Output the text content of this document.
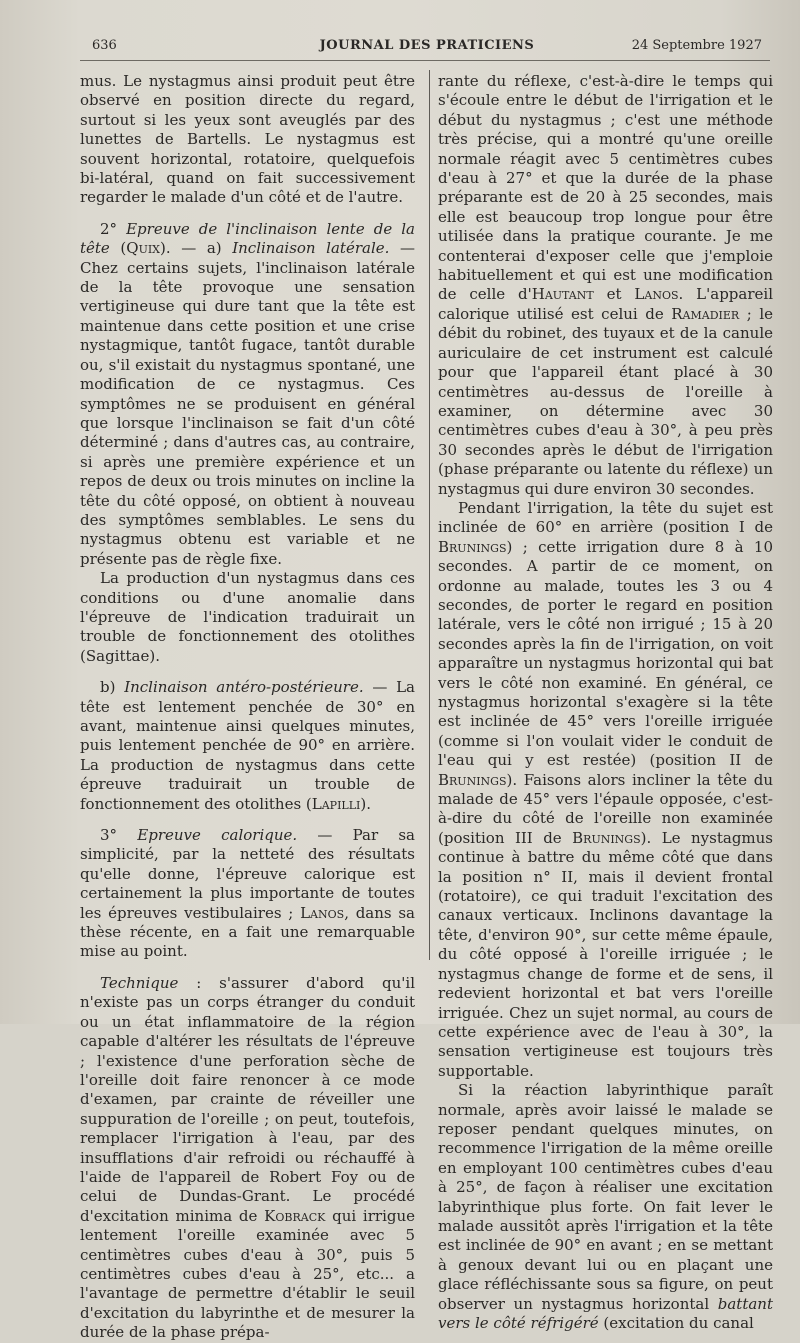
636	JOURNAL DES PRATICIENS	24 Septembre 1927

mus. Le nystagmus ainsi produit peut être observé en position directe du regard, surtout si les yeux sont aveuglés par des lunettes de Bartells. Le nystagmus est souvent horizontal, rotatoire, quelquefois bi-latéral, quand on fait successivement regarder le malade d'un côté et de l'autre.

2° Epreuve de l'inclinaison lente de la tête (Quix). — a) Inclinaison latérale. — Chez certains sujets, l'inclinaison latérale de la tête provoque une sensation vertigineuse qui dure tant que la tête est maintenue dans cette position et une crise nystagmique, tantôt fugace, tantôt durable ou, s'il existait du nystagmus spontané, une modification de ce nystagmus. Ces symptômes ne se produisent en général que lorsque l'inclinaison se fait d'un côté déterminé ; dans d'autres cas, au contraire, si après une première expérience et un repos de deux ou trois minutes on incline la tête du côté opposé, on obtient à nouveau des symptômes semblables. Le sens du nystagmus obtenu est variable et ne présente pas de règle fixe.

La production d'un nystagmus dans ces conditions ou d'une anomalie dans l'épreuve de l'indication traduirait un trouble de fonctionnement des otolithes (Sagittae).

b) Inclinaison antéro-postérieure. — La tête est lentement penchée de 30° en avant, maintenue ainsi quelques minutes, puis lentement penchée de 90° en arrière. La production de nystagmus dans cette épreuve traduirait un trouble de fonctionnement des otolithes (Lapilli).

3° Epreuve calorique. — Par sa simplicité, par la netteté des résultats qu'elle donne, l'épreuve calorique est certainement la plus importante de toutes les épreuves vestibulaires ; Lanos, dans sa thèse récente, en a fait une remarquable mise au point.

Technique : s'assurer d'abord qu'il n'existe pas un corps étranger du conduit ou un état inflammatoire de la région capable d'altérer les résultats de l'épreuve ; l'existence d'une perforation sèche de l'oreille doit faire renoncer à ce mode d'examen, par crainte de réveiller une suppuration de l'oreille ; on peut, toutefois, remplacer l'irrigation à l'eau, par des insufflations d'air refroidi ou réchauffé à l'aide de l'appareil de Robert Foy ou de celui de Dundas-Grant. Le procédé d'excitation minima de Kobrack qui irrigue lentement l'oreille examinée avec 5 centimètres cubes d'eau à 30°, puis 5 centimètres cubes d'eau à 25°, etc... a l'avantage de permettre d'établir le seuil d'excitation du labyrinthe et de mesurer la durée de la phase prépa-

rante du réflexe, c'est-à-dire le temps qui s'écoule entre le début de l'irrigation et le début du nystagmus ; c'est une méthode très précise, qui a montré qu'une oreille normale réagit avec 5 centimètres cubes d'eau à 27° et que la durée de la phase préparante est de 20 à 25 secondes, mais elle est beaucoup trop longue pour être utilisée dans la pratique courante. Je me contenterai d'exposer celle que j'emploie habituellement et qui est une modification de celle d'Hautant et Lanos. L'appareil calorique utilisé est celui de Ramadier ; le débit du robinet, des tuyaux et de la canule auriculaire de cet instrument est calculé pour que l'appareil étant placé à 30 centimètres au-dessus de l'oreille à examiner, on détermine avec 30 centimètres cubes d'eau à 30°, à peu près 30 secondes après le début de l'irrigation (phase préparante ou latente du réflexe) un nystagmus qui dure environ 30 secondes.

Pendant l'irrigation, la tête du sujet est inclinée de 60° en arrière (position I de Brunings) ; cette irrigation dure 8 à 10 secondes. A partir de ce moment, on ordonne au malade, toutes les 3 ou 4 secondes, de porter le regard en position latérale, vers le côté non irrigué ; 15 à 20 secondes après la fin de l'irrigation, on voit apparaître un nystagmus horizontal qui bat vers le côté non examiné. En général, ce nystagmus horizontal s'exagère si la tête est inclinée de 45° vers l'oreille irriguée (comme si l'on voulait vider le conduit de l'eau qui y est restée) (position II de Brunings). Faisons alors incliner la tête du malade de 45° vers l'épaule opposée, c'est-à-dire du côté de l'oreille non examinée (position III de Brunings). Le nystagmus continue à battre du même côté que dans la position n° II, mais il devient frontal (rotatoire), ce qui traduit l'excitation des canaux verticaux. Inclinons davantage la tête, d'environ 90°, sur cette même épaule, du côté opposé à l'oreille irriguée ; le nystagmus change de forme et de sens, il redevient horizontal et bat vers l'oreille irriguée. Chez un sujet normal, au cours de cette expérience avec de l'eau à 30°, la sensation vertigineuse est toujours très supportable.

Si la réaction labyrinthique paraît normale, après avoir laissé le malade se reposer pendant quelques minutes, on recommence l'irrigation de la même oreille en employant 100 centimètres cubes d'eau à 25°, de façon à réaliser une excitation labyrinthique plus forte. On fait lever le malade aussitôt après l'irrigation et la tête est inclinée de 90° en avant ; en se mettant à genoux devant lui ou en plaçant une glace réfléchissante sous sa figure, on peut observer un nystagmus horizontal battant vers le côté réfrigéré (excitation du canal
